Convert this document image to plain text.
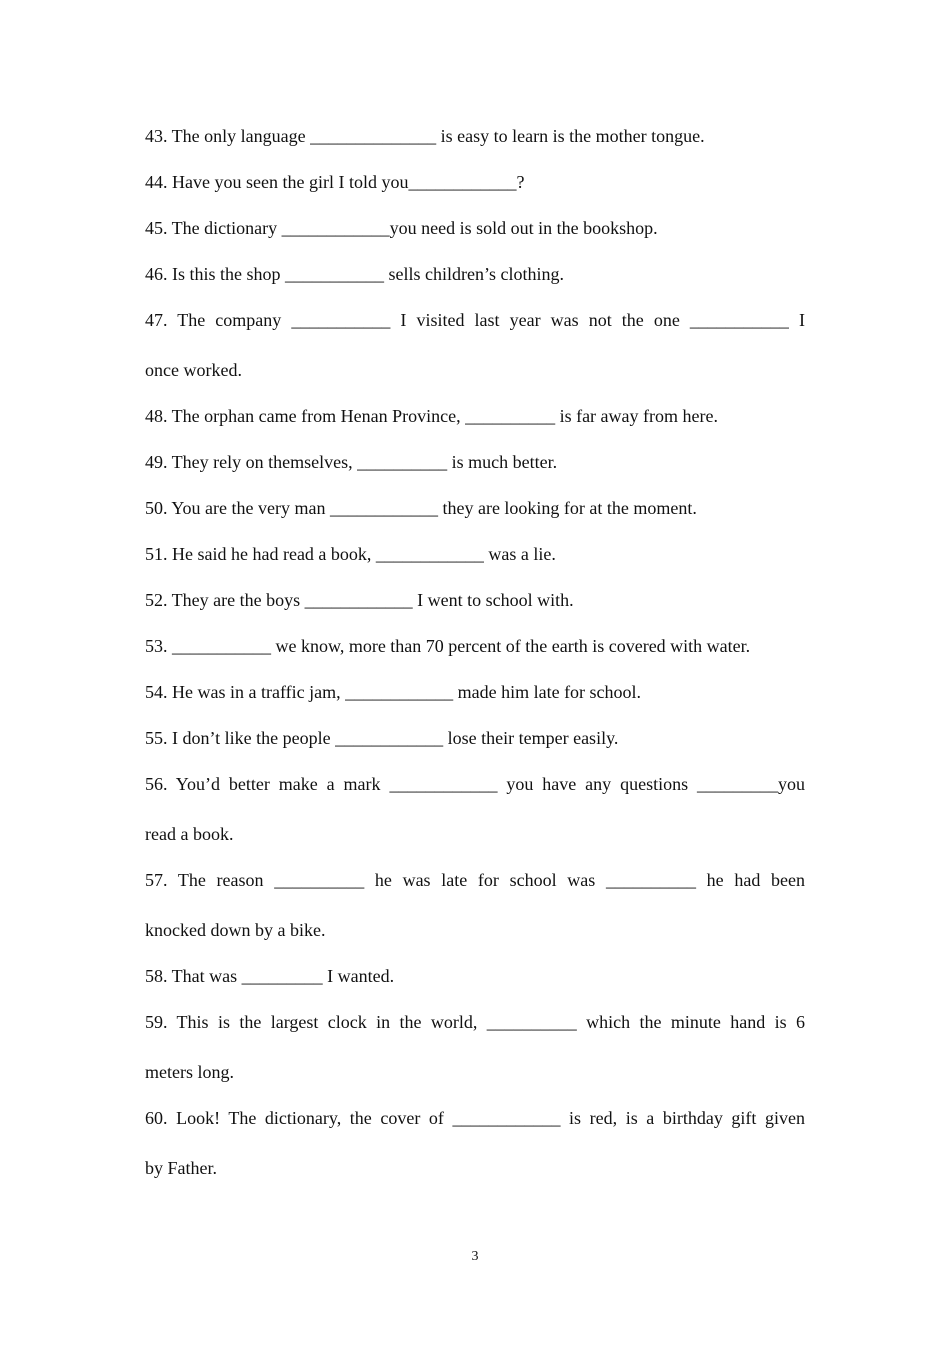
43. The only language ______________ is easy to learn is the mother tongue.

44. Have you seen the girl I told you____________?

45. The dictionary ____________you need is sold out in the bookshop.

46. Is this the shop ___________ sells children’s clothing.

47. The company ___________ I visited last year was not the one ___________ I
once worked.

48. The orphan came from Henan Province, __________ is far away from here.

49. They rely on themselves, __________ is much better.

50. You are the very man ____________ they are looking for at the moment.

51. He said he had read a book, ____________ was a lie.

52. They are the boys ____________ I went to school with.

53. ___________ we know, more than 70 percent of the earth is covered with water.

54. He was in a traffic jam, ____________ made him late for school.

55. I don’t like the people ____________ lose their temper easily.

56. You’d better make a mark ____________ you have any questions _________you
read a book.

57. The reason __________ he was late for school was __________ he had been
knocked down by a bike.

58. That was _________ I wanted.

59. This is the largest clock in the world, __________ which the minute hand is 6
meters long.

60. Look! The dictionary, the cover of ____________ is red, is a birthday gift given
by Father.

3
